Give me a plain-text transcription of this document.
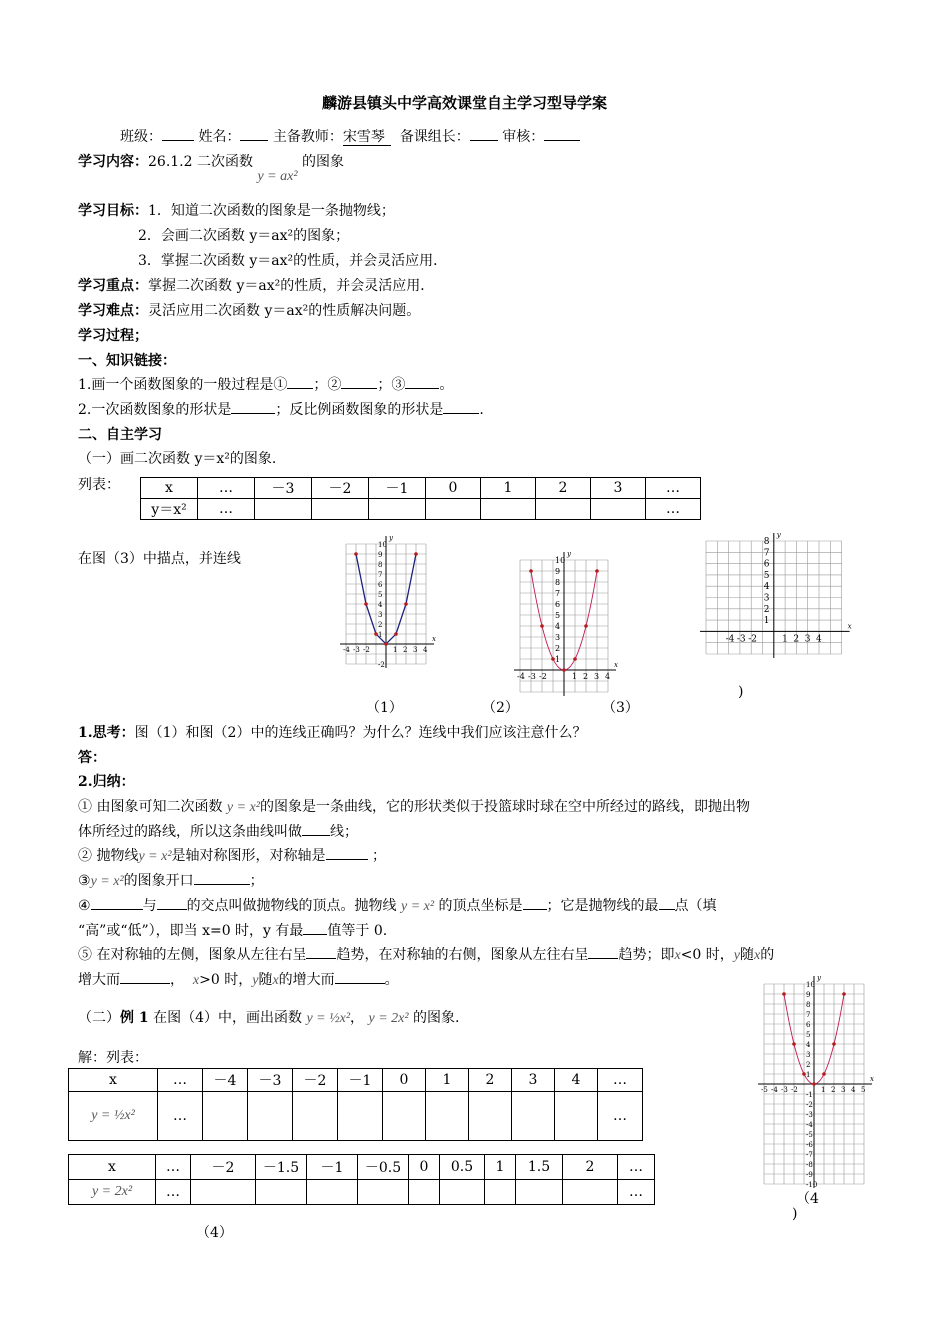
麟游县镇头中学高效课堂自主学习型导学案
班级：	姓名： 主备教师：宋雪琴 备课组长： 审核：
学习内容：26.1.2 二次函数 y = ax² 的图象
学习目标：1．知道二次函数的图象是一条抛物线；
2．会画二次函数 y＝ax²的图象；
3．掌握二次函数 y＝ax²的性质，并会灵活应用．
学习重点：掌握二次函数 y＝ax²的性质，并会灵活应用．
学习难点：灵活应用二次函数 y＝ax²的性质解决问题。
学习过程；
一、知识链接：
1.画一个函数图象的一般过程是① ；②	；③ 。
2.一次函数图象的形状是	；反比例函数图象的形状是	.
二、自主学习
（一）画二次函数 y＝x²的图象.
列表：	x	…	－3	－2	－1	0	1	2	3	…
y＝x²	…								…
在图（3）中描点，并连线
x
y
-4 -3 -2	1 2 3 4
1
2
3
4
5
6
7
8
9
10
-2	x
y
-4 -3 -2	1 2 3 4
1
2
3
4
5
6
7
8
9
10
x
y
-4 -3 -2	1 2 3 4
1
2
3
4
5
6
7
8
x
y
-5 -4 -3 -2	1 2 3 4 5
1
2
3
4
5
6
7
8
9
10
-1
-2
-3
-4
-5
-6
-7
-8
-9
-10
（1）	（2）	（3）
)
1.思考：图（1）和图（2）中的连线正确吗？为什么？连线中我们应该注意什么？
答：
2.归纳：
① 由图象可知二次函数 y = x²的图象是一条曲线，它的形状类似于投篮球时球在空中所经过的路线，即抛出物
体所经过的路线，所以这条曲线叫做 线；
② 抛物线y = x²是轴对称图形，对称轴是	；
③y = x²的图象开口	；
④	与 的交点叫做抛物线的顶点。抛物线 y = x² 的顶点坐标是 ；它是抛物线的最 点（填
“高”或“低”），即当 x=0 时，y 有最 值等于 0.
⑤ 在对称轴的左侧，图象从左往右呈 趋势，在对称轴的右侧，图象从左往右呈 趋势；即x<0 时，y随x的
增大而	， x>0 时，y随x的增大而	。
（二）例 1 在图（4）中，画出函数 y = ½x²， y = 2x² 的图象.
解：列表：
x	…	－4	－3	－2	－1	0	1	2	3	4	…
y = ½x²	…										…
x	…	－2	－1.5	－1	－0.5	0	0.5	1	1.5	2	…
y = 2x²	…										…
（4）
（4
)
